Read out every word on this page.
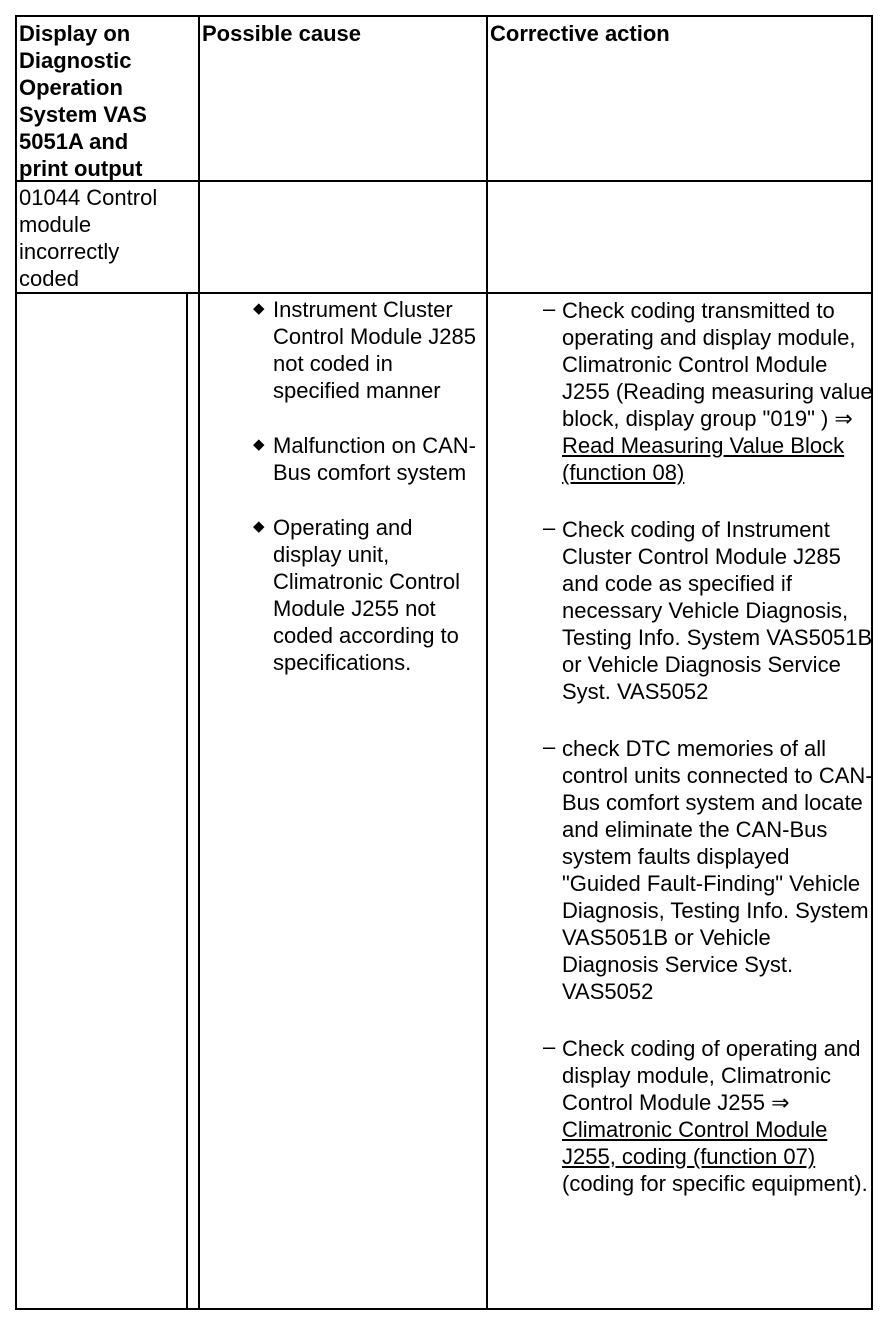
Display on Diagnostic Operation System VAS 5051A and print output
Possible cause	Corrective action
01044 Control module incorrectly coded
◆ Instrument Cluster Control Module J285 not coded in specified manner
◆ Malfunction on CAN-Bus comfort system
◆ Operating and display unit, Climatronic Control Module J255 not coded according to specifications.
– Check coding transmitted to operating and display module, Climatronic Control Module J255 (Reading measuring value block, display group "019" ) ⇒ Read Measuring Value Block (function 08)
– Check coding of Instrument Cluster Control Module J285 and code as specified if necessary Vehicle Diagnosis, Testing Info. System VAS5051B or Vehicle Diagnosis Service Syst. VAS5052
– check DTC memories of all control units connected to CAN-Bus comfort system and locate and eliminate the CAN-Bus system faults displayed "Guided Fault-Finding" Vehicle Diagnosis, Testing Info. System VAS5051B or Vehicle Diagnosis Service Syst. VAS5052
– Check coding of operating and display module, Climatronic Control Module J255 ⇒ Climatronic Control Module J255, coding (function 07) (coding for specific equipment).
